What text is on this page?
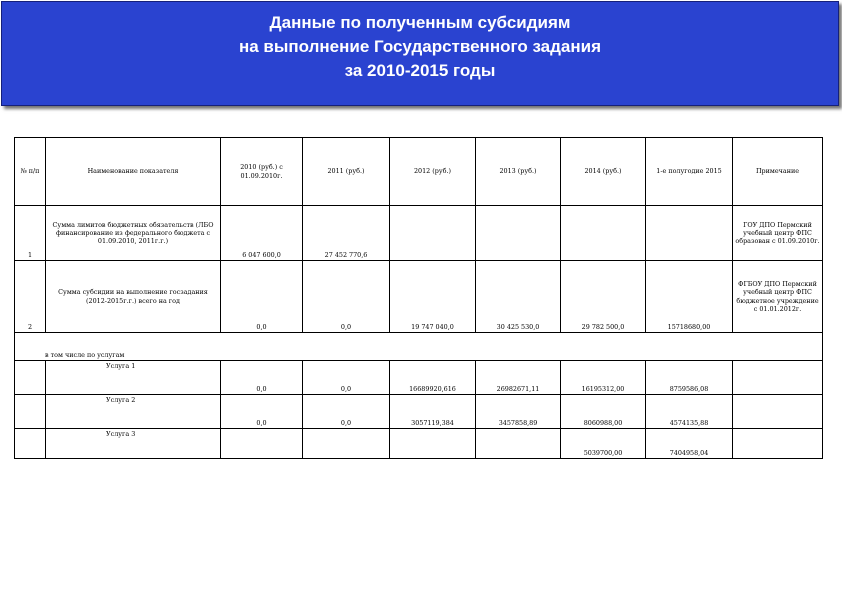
Данные по полученным субсидиям
на выполнение Государственного задания
за 2010-2015 годы
№ п/п	Наименование показателя	2010 (руб.) с 01.09.2010г.	2011 (руб.)	2012 (руб.)	2013 (руб.)	2014 (руб.)	1-е полугодие 2015	Примечание
1	Сумма лимитов бюджетных обязательств (ЛБО финансирование из федерального бюджета с 01.09.2010, 2011г.г.)	6 047 600,0	27 452 770,6					ГОУ ДПО Пермский учебный центр ФПС образован с 01.09.2010г.
2	Сумма субсидии на выполнение госзадания (2012-2015г.г.) всего на год	0,0	0,0	19 747 040,0	30 425 530,0	29 782 500,0	15718680,00	ФГБОУ ДПО Пермский учебный центр ФПС бюджетное учреждение с 01.01.2012г.
в том числе по услугам								
	Услуга 1	0,0	0,0	16689920,616	26982671,11	16195312,00	8759586,08	
	Услуга 2	0,0	0,0	3057119,384	3457858,89	8060988,00	4574135,88	
	Услуга 3					5039700,00	7404958,04	
